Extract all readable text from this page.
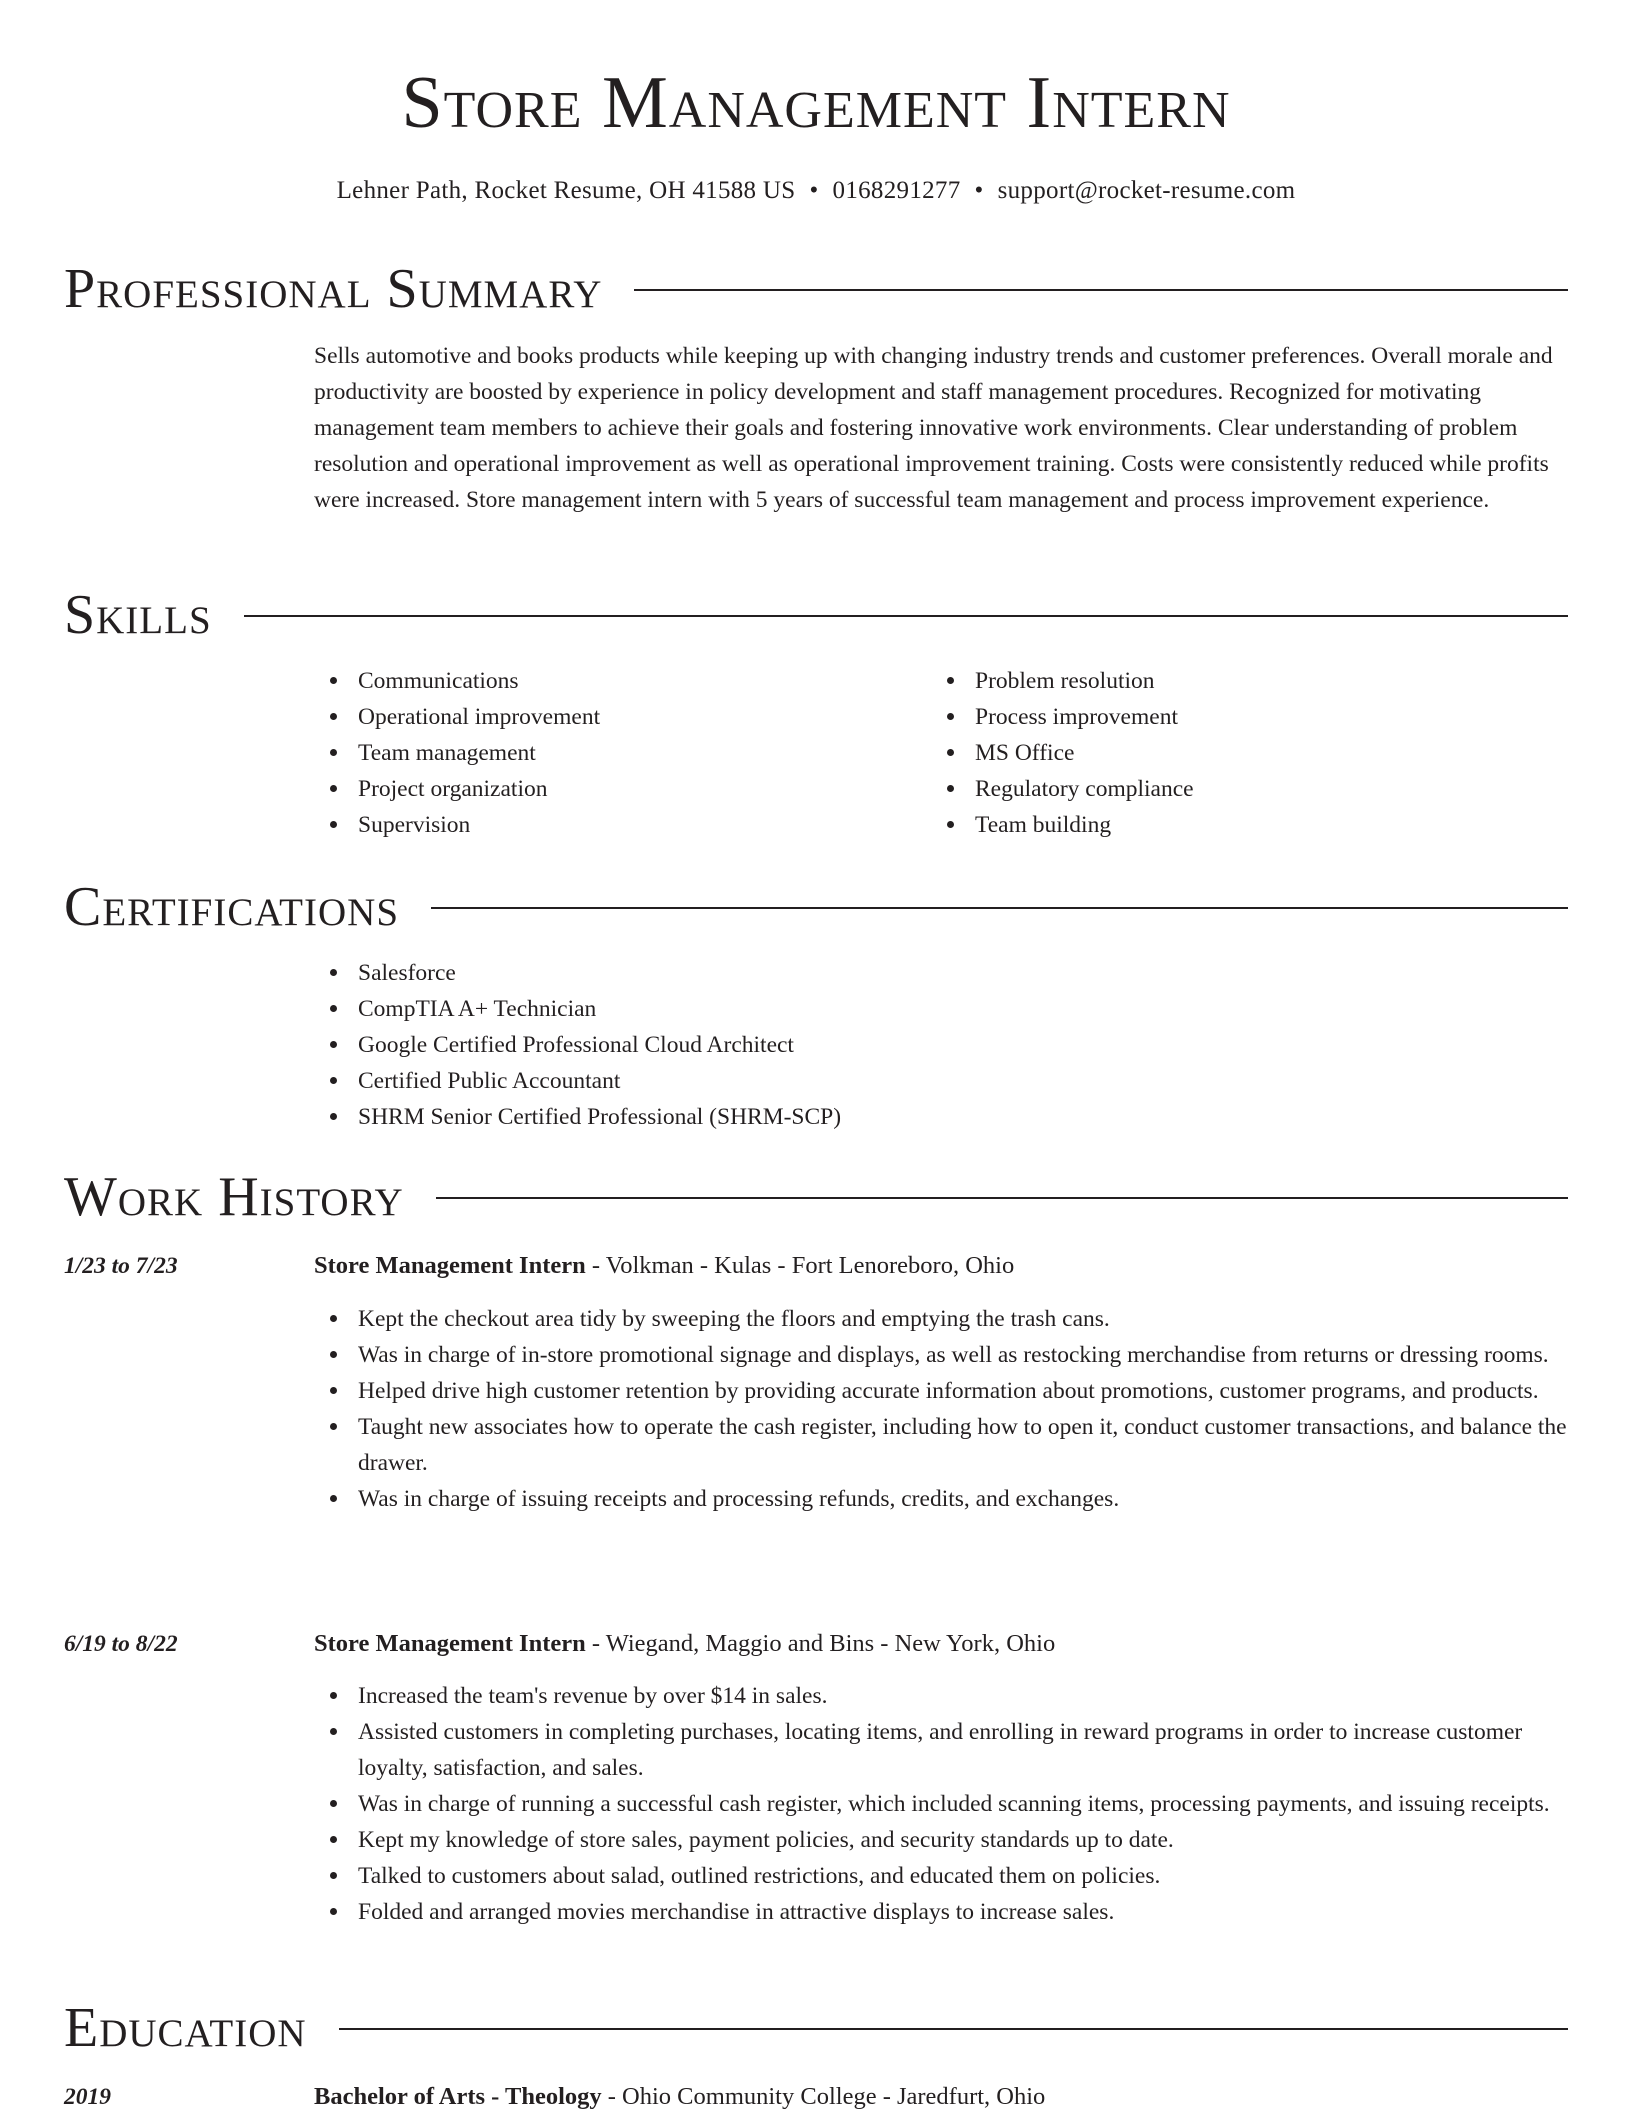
Store Management Intern
Lehner Path, Rocket Resume, OH 41588 US • 0168291277 • support@rocket-resume.com
Professional Summary

Sells automotive and books products while keeping up with changing industry trends and customer preferences. Overall morale and productivity are boosted by experience in policy development and staff management procedures. Recognized for motivating management team members to achieve their goals and fostering innovative work environments. Clear understanding of problem resolution and operational improvement as well as operational improvement training. Costs were consistently reduced while profits were increased. Store management intern with 5 years of successful team management and process improvement experience.

Skills
Communications
Operational improvement
Team management
Project organization
Supervision
Problem resolution
Process improvement
MS Office
Regulatory compliance
Team building
Certifications
Salesforce
CompTIA A+ Technician
Google Certified Professional Cloud Architect
Certified Public Accountant
SHRM Senior Certified Professional (SHRM-SCP)
Work History
1/23 to 7/23	Store Management Intern - Volkman - Kulas - Fort Lenoreboro, Ohio
Kept the checkout area tidy by sweeping the floors and emptying the trash cans.
Was in charge of in-store promotional signage and displays, as well as restocking merchandise from returns or dressing rooms.
Helped drive high customer retention by providing accurate information about promotions, customer programs, and products.
Taught new associates how to operate the cash register, including how to open it, conduct customer transactions, and balance the drawer.
Was in charge of issuing receipts and processing refunds, credits, and exchanges.
6/19 to 8/22	Store Management Intern - Wiegand, Maggio and Bins - New York, Ohio
Increased the team's revenue by over $14 in sales.
Assisted customers in completing purchases, locating items, and enrolling in reward programs in order to increase customer loyalty, satisfaction, and sales.
Was in charge of running a successful cash register, which included scanning items, processing payments, and issuing receipts.
Kept my knowledge of store sales, payment policies, and security standards up to date.
Talked to customers about salad, outlined restrictions, and educated them on policies.
Folded and arranged movies merchandise in attractive displays to increase sales.
Education
2019	Bachelor of Arts - Theology - Ohio Community College - Jaredfurt, Ohio
